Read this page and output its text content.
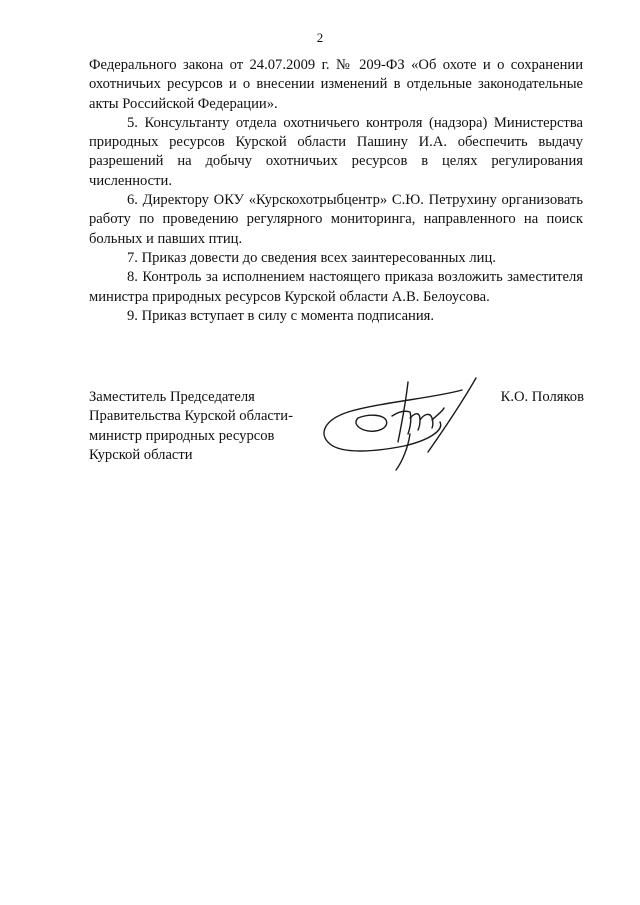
2

Федерального закона от 24.07.2009 г. № 209-ФЗ «Об охоте и о сохранении охотничьих ресурсов и о внесении изменений в отдельные законодательные акты Российской Федерации».

5. Консультанту отдела охотничьего контроля (надзора) Министерства природных ресурсов Курской области Пашину И.А. обеспечить выдачу разрешений на добычу охотничьих ресурсов в целях регулирования численности.

6. Директору ОКУ «Курскохотрыбцентр» С.Ю. Петрухину организовать работу по проведению регулярного мониторинга, направленного на поиск больных и павших птиц.

7. Приказ довести до сведения всех заинтересованных лиц.

8. Контроль за исполнением настоящего приказа возложить заместителя министра природных ресурсов Курской области А.В. Белоусова.

9. Приказ вступает в силу с момента подписания.

Заместитель Председателя
Правительства Курской области-
министр природных ресурсов
Курской области
К.О. Поляков
